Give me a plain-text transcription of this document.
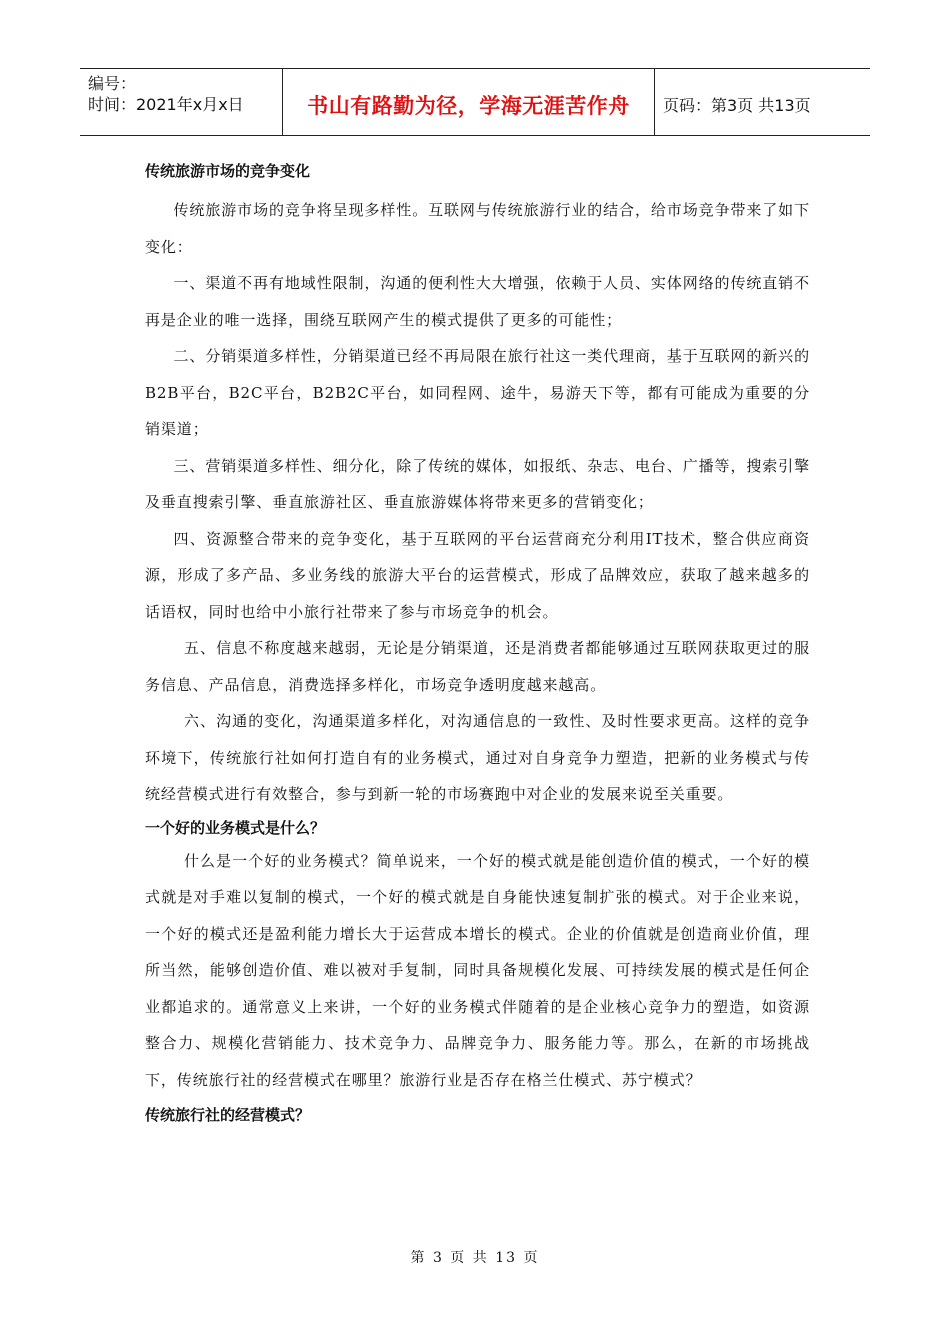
编号：
时间：2021年x月x日	书山有路勤为径，学海无涯苦作舟	页码：第3页 共13页
传统旅游市场的竞争变化

传统旅游市场的竞争将呈现多样性。互联网与传统旅游行业的结合，给市场竞争带来了如下变化：

一、渠道不再有地域性限制，沟通的便利性大大增强，依赖于人员、实体网络的传统直销不再是企业的唯一选择，围绕互联网产生的模式提供了更多的可能性；

二、分销渠道多样性，分销渠道已经不再局限在旅行社这一类代理商，基于互联网的新兴的B2B平台，B2C平台，B2B2C平台，如同程网、途牛，易游天下等，都有可能成为重要的分销渠道；

三、营销渠道多样性、细分化，除了传统的媒体，如报纸、杂志、电台、广播等，搜索引擎及垂直搜索引擎、垂直旅游社区、垂直旅游媒体将带来更多的营销变化；

四、资源整合带来的竞争变化，基于互联网的平台运营商充分利用IT技术，整合供应商资源，形成了多产品、多业务线的旅游大平台的运营模式，形成了品牌效应，获取了越来越多的话语权，同时也给中小旅行社带来了参与市场竞争的机会。

五、信息不称度越来越弱，无论是分销渠道，还是消费者都能够通过互联网获取更过的服务信息、产品信息，消费选择多样化，市场竞争透明度越来越高。

六、沟通的变化，沟通渠道多样化，对沟通信息的一致性、及时性要求更高。这样的竞争环境下，传统旅行社如何打造自有的业务模式，通过对自身竞争力塑造，把新的业务模式与传统经营模式进行有效整合，参与到新一轮的市场赛跑中对企业的发展来说至关重要。

一个好的业务模式是什么？

什么是一个好的业务模式？简单说来，一个好的模式就是能创造价值的模式，一个好的模式就是对手难以复制的模式，一个好的模式就是自身能快速复制扩张的模式。对于企业来说，一个好的模式还是盈利能力增长大于运营成本增长的模式。企业的价值就是创造商业价值，理所当然，能够创造价值、难以被对手复制，同时具备规模化发展、可持续发展的模式是任何企业都追求的。通常意义上来讲，一个好的业务模式伴随着的是企业核心竞争力的塑造，如资源整合力、规模化营销能力、技术竞争力、品牌竞争力、服务能力等。那么，在新的市场挑战下，传统旅行社的经营模式在哪里？旅游行业是否存在格兰仕模式、苏宁模式？

传统旅行社的经营模式？
第 3 页 共 13 页
